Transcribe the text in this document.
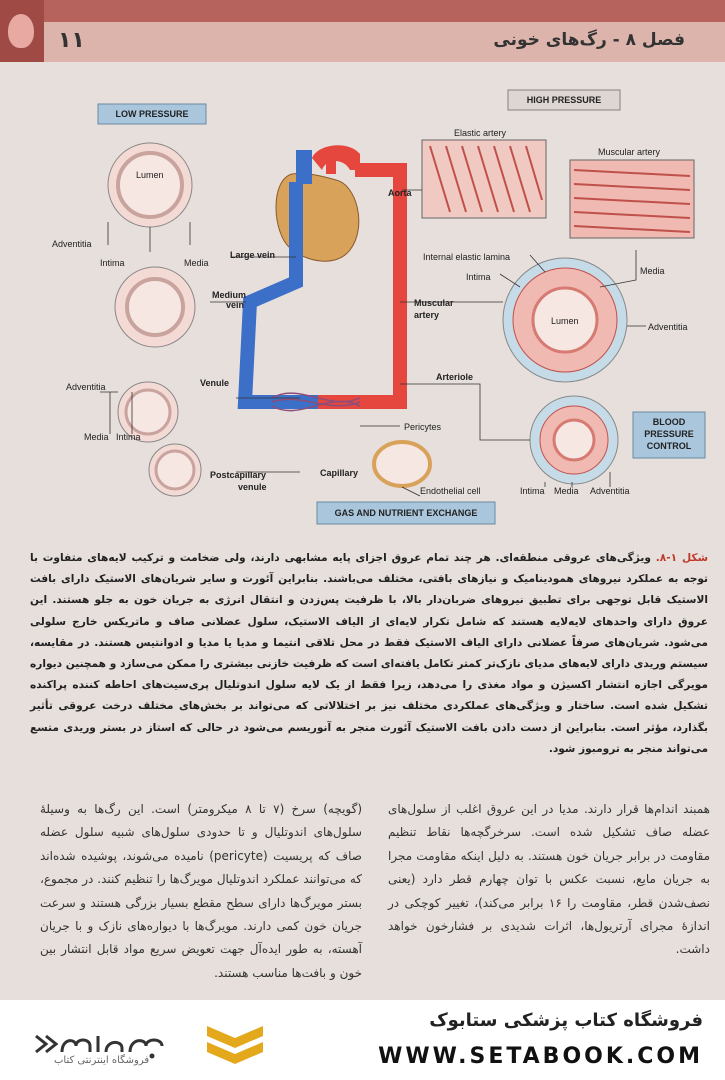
۱۱	فصل ۸ - رگ‌های خونی
LOW PRESSURE
HIGH PRESSURE
Elastic artery
Muscular artery
Lumen
Lumen
BLOOD
PRESSURE
CONTROL
GAS AND NUTRIENT EXCHANGE
Adventitia
Intima	Media
Large vein
Medium
vein
Aorta
Internal elastic lamina
Intima
Media
Muscular
artery
Adventitia
Venule
Adventitia
Media Intima
Arteriole
Pericytes
Postcapillary
venule
Capillary
Endothelial cell	Intima Media Adventitia
شکل ۱-۸. ویژگی‌های عروقی منطقه‌ای. هر چند تمام عروق اجزای پایه مشابهی دارند، ولی ضخامت و ترکیب لایه‌های متفاوت با توجه به عملکرد نیروهای همودینامیک و نیازهای بافتی، مختلف می‌باشند. بنابراین آئورت و سایر شریان‌های الاستیک دارای بافت الاستیک قابل توجهی برای تطبیق نیروهای ضربان‌دار بالا، با ظرفیت پس‌زدن و انتقال انرژی به جریان خون به جلو هستند. این عروق دارای واحدهای لایه‌لایه هستند که شامل تکرار لایه‌ای از الیاف الاستیک، سلول عضلانی صاف و ماتریکس خارج سلولی می‌شود. شریان‌های صرفاً عضلانی دارای الیاف الاستیک فقط در محل تلاقی انتیما و مدیا یا مدیا و ادوانتیس هستند. در مقایسه، سیستم وریدی دارای لایه‌های مدیای نازک‌تر کمتر تکامل یافته‌ای است که ظرفیت خازنی بیشتری را ممکن می‌سازد و همچنین دیواره مویرگی اجازه انتشار اکسیژن و مواد مغذی را می‌دهد، زیرا فقط از یک لایه سلول اندوتلیال پری‌سیت‌های احاطه کننده پراکنده تشکیل شده است. ساختار و ویژگی‌های عملکردی مختلف نیز بر اختلالاتی که می‌تواند بر بخش‌های مختلف درخت عروقی تأثیر بگذارد، مؤثر است. بنابراین از دست دادن بافت الاستیک آئورت منجر به آنوریسم می‌شود در حالی که استاز در بستر وریدی متسع می‌تواند منجر به ترومبوز شود.
همبند اندام‌ها قرار دارند. مدیا در این عروق اغلب از سلول‌های عضله صاف تشکیل شده است. سرخرگچه‌ها نقاط تنظیم مقاومت در برابر جریان خون هستند. به دلیل اینکه مقاومت مجرا به جریان مایع، نسبت عکس با توان چهارم قطر دارد (یعنی نصف‌شدن قطر، مقاومت را ۱۶ برابر می‌کند)، تغییر کوچکی در اندازهٔ مجرای آرتریول‌ها، اثرات شدیدی بر فشارخون خواهد داشت.
(گویچه) سرخ (۷ تا ۸ میکرومتر) است. این رگ‌ها به وسیلهٔ سلول‌های اندوتلیال و تا حدودی سلول‌های شبیه سلول عضله صاف که پریسیت (pericyte) نامیده می‌شوند، پوشیده شده‌اند که می‌توانند عملکرد اندوتلیال مویرگ‌ها را تنظیم کنند. در مجموع، بستر مویرگ‌ها دارای سطح مقطع بسیار بزرگی هستند و سرعت جریان خون کمی دارند. مویرگ‌ها با دیواره‌های نازک و با جریان آهسته، به طور ایده‌آل جهت تعویض سریع مواد قابل انتشار بین خون و بافت‌ها مناسب هستند.
فروشگاه اینترنتی کتاب
فروشگاه کتاب پزشکی ستابوک
WWW.SETABOOK.COM
